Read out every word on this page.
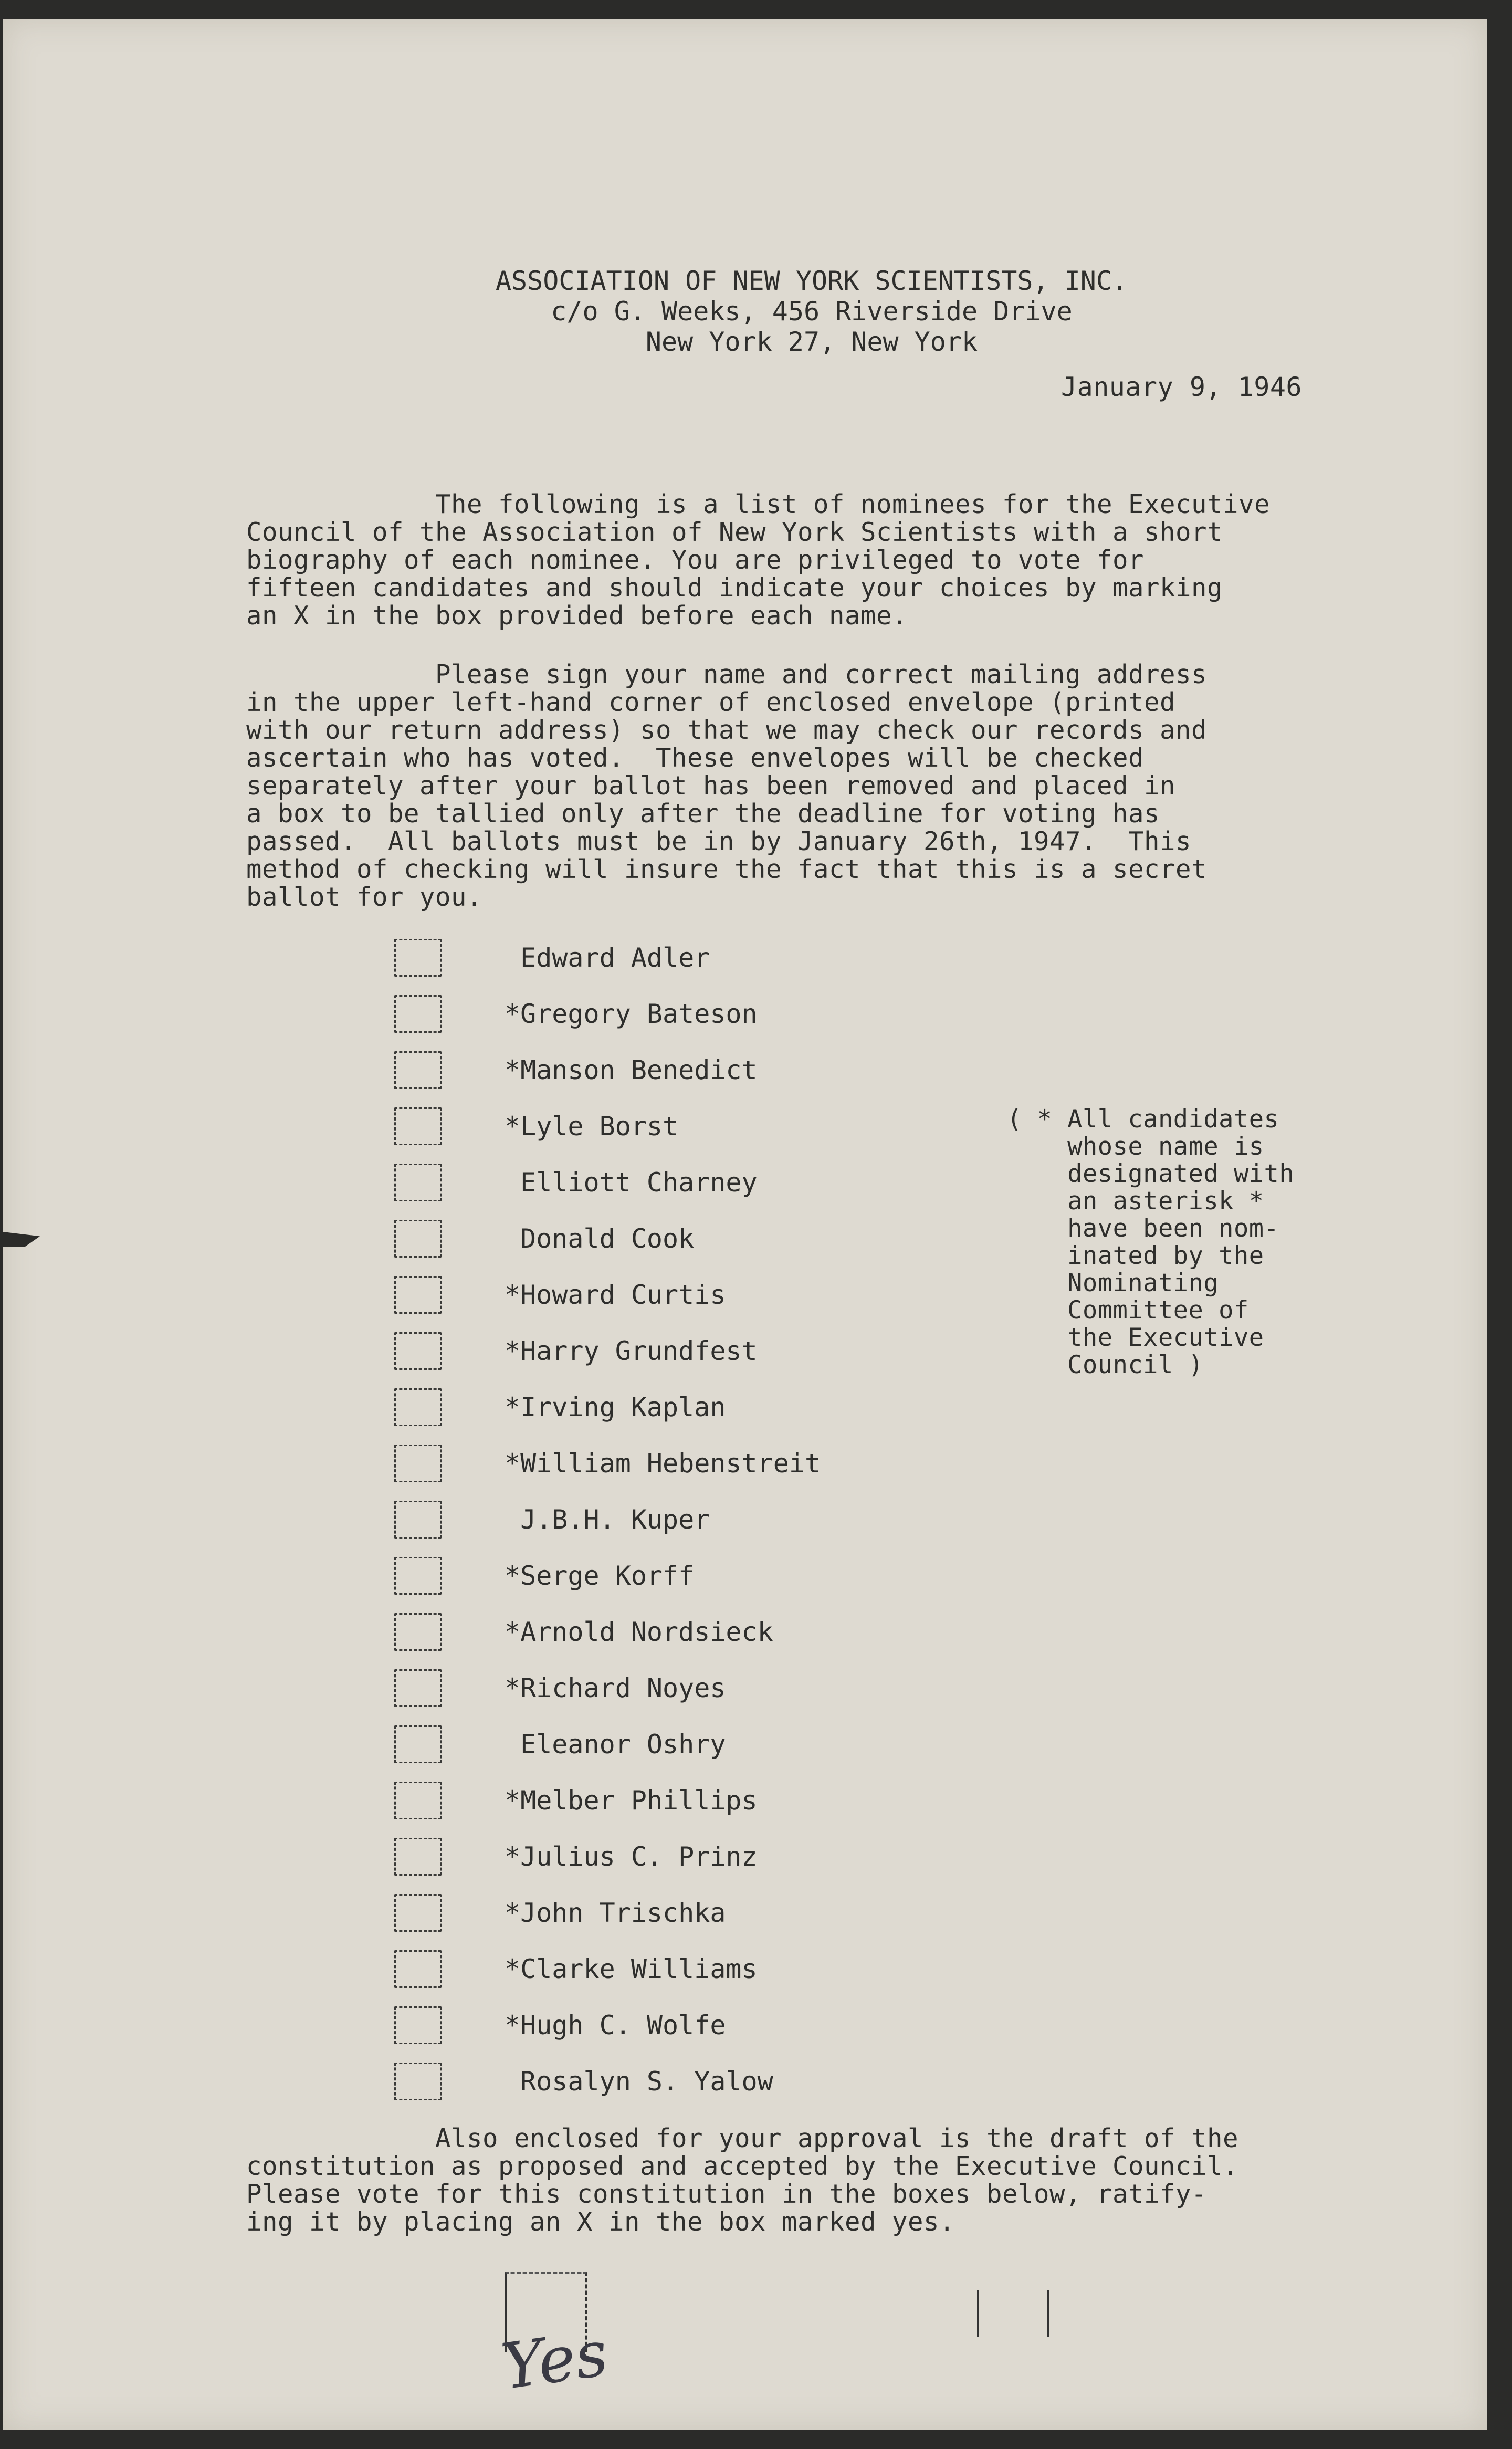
ASSOCIATION OF NEW YORK SCIENTISTS, INC.
c/o G. Weeks, 456 Riverside Drive
New York 27, New York
January 9, 1946
The following is a list of nominees for the Executive
Council of the Association of New York Scientists with a short
biography of each nominee. You are privileged to vote for
fifteen candidates and should indicate your choices by marking
an X in the box provided before each name.
Please sign your name and correct mailing address
in the upper left-hand corner of enclosed envelope (printed
with our return address) so that we may check our records and
ascertain who has voted.  These envelopes will be checked
separately after your ballot has been removed and placed in
a box to be tallied only after the deadline for voting has
passed.  All ballots must be in by January 26th, 1947.  This
method of checking will insure the fact that this is a secret
ballot for you.
Edward Adler
*Gregory Bateson
*Manson Benedict
*Lyle Borst
Elliott Charney
Donald Cook
*Howard Curtis
*Harry Grundfest
*Irving Kaplan
*William Hebenstreit
J.B.H. Kuper
*Serge Korff
*Arnold Nordsieck
*Richard Noyes
Eleanor Oshry
*Melber Phillips
*Julius C. Prinz
*John Trischka
*Clarke Williams
*Hugh C. Wolfe
Rosalyn S. Yalow
( * All candidates
whose name is
designated with
an asterisk *
have been nom-
inated by the
Nominating
Committee of
the Executive
Council )
Also enclosed for your approval is the draft of the
constitution as proposed and accepted by the Executive Council.
Please vote for this constitution in the boxes below, ratify-
ing it by placing an X in the box marked yes.
Yes
